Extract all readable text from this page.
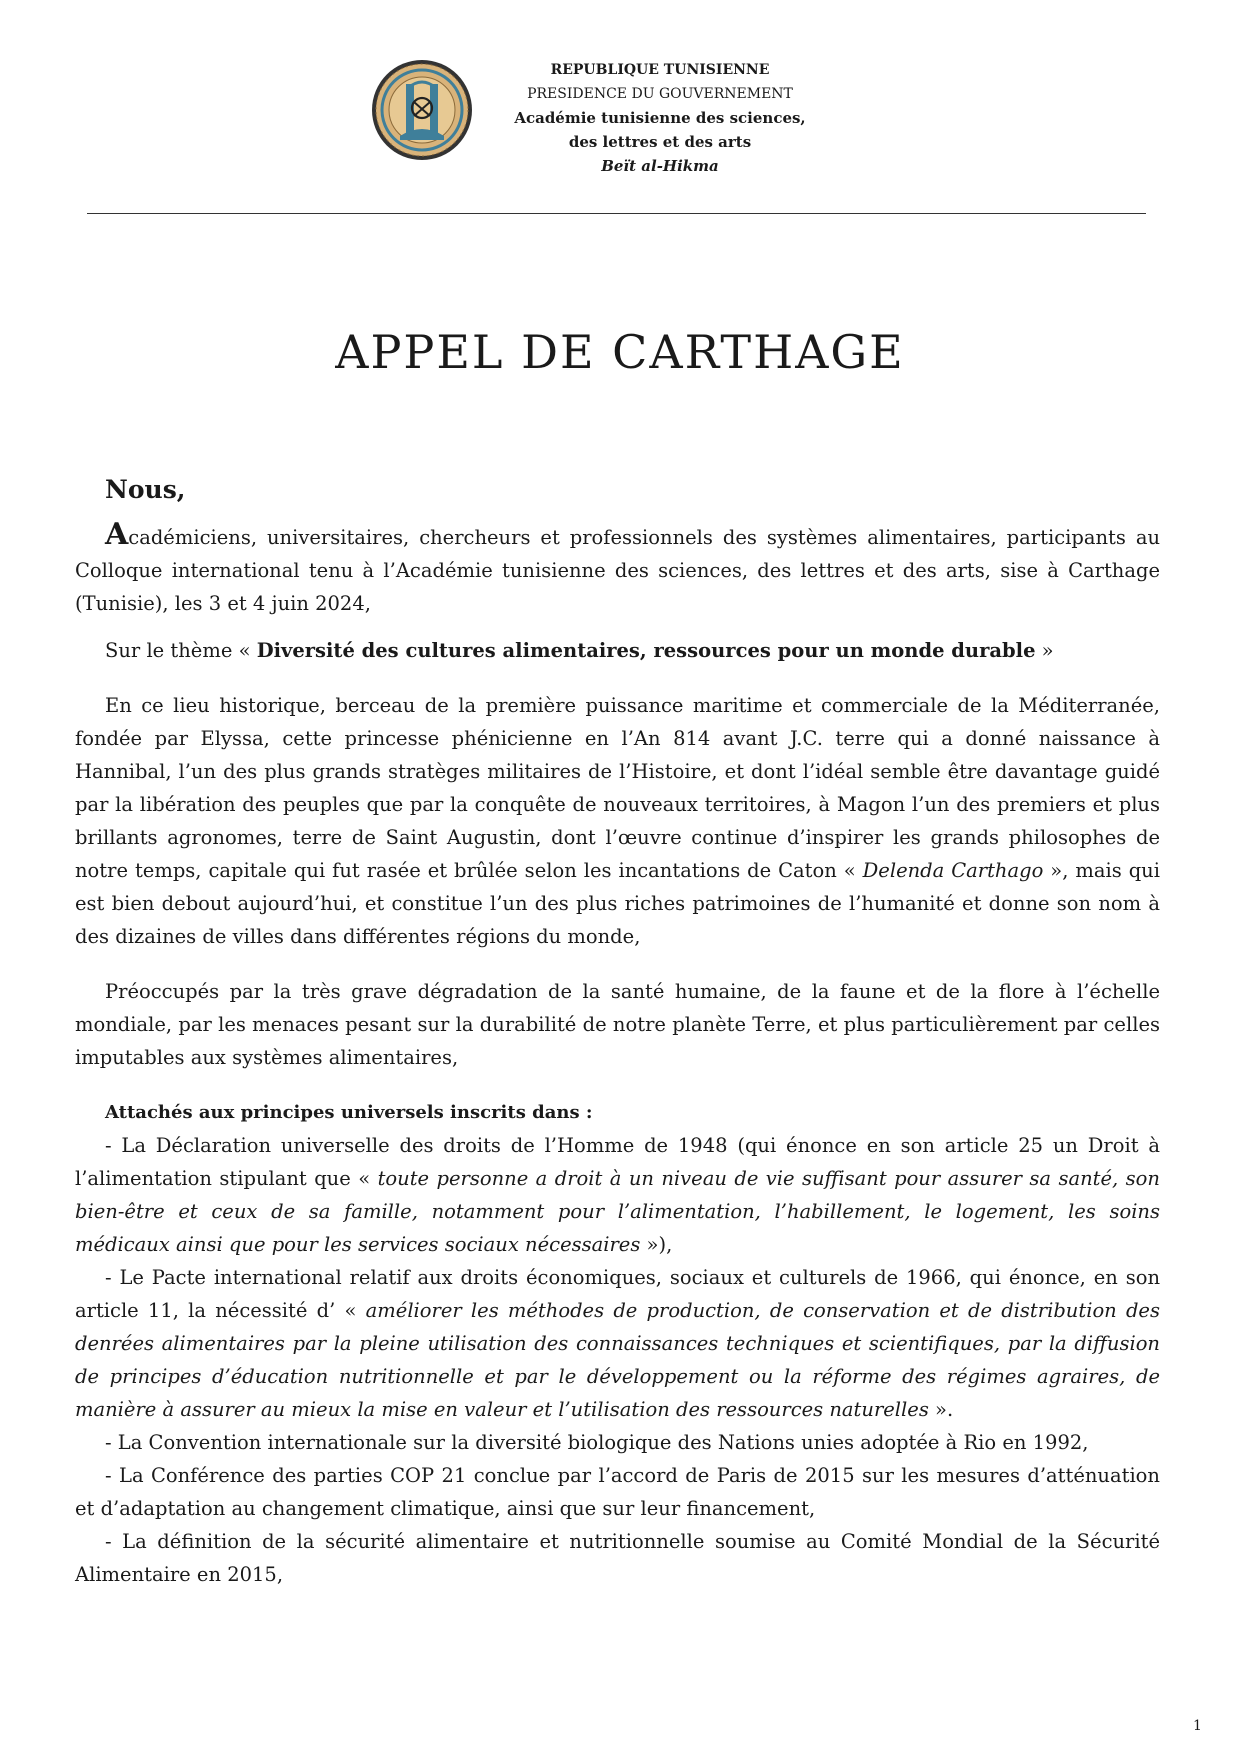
REPUBLIQUE TUNISIENNE
PRESIDENCE DU GOUVERNEMENT
Académie tunisienne des sciences,
des lettres et des arts
Beït al-Hikma
APPEL DE CARTHAGE

Nous,

Académiciens, universitaires, chercheurs et professionnels des systèmes alimentaires, participants au Colloque international tenu à l’Académie tunisienne des sciences, des lettres et des arts, sise à Carthage (Tunisie), les 3 et 4 juin 2024,

Sur le thème « Diversité des cultures alimentaires, ressources pour un monde durable »

En ce lieu historique, berceau de la première puissance maritime et commerciale de la Méditerranée, fondée par Elyssa, cette princesse phénicienne en l’An 814 avant J.C. terre qui a donné naissance à Hannibal, l’un des plus grands stratèges militaires de l’Histoire, et dont l’idéal semble être davantage guidé par la libération des peuples que par la conquête de nouveaux territoires, à Magon l’un des premiers et plus brillants agronomes, terre de Saint Augustin, dont l’œuvre continue d’inspirer les grands philosophes de notre temps, capitale qui fut rasée et brûlée selon les incantations de Caton « Delenda Carthago », mais qui est bien debout aujourd’hui, et constitue l’un des plus riches patrimoines de l’humanité et donne son nom à des dizaines de villes dans différentes régions du monde,

Préoccupés par la très grave dégradation de la santé humaine, de la faune et de la flore à l’échelle mondiale, par les menaces pesant sur la durabilité de notre planète Terre, et plus particulièrement par celles imputables aux systèmes alimentaires,

Attachés aux principes universels inscrits dans :

- La Déclaration universelle des droits de l’Homme de 1948 (qui énonce en son article 25 un Droit à l’alimentation stipulant que « toute personne a droit à un niveau de vie suffisant pour assurer sa santé, son bien-être et ceux de sa famille, notamment pour l’alimentation, l’habillement, le logement, les soins médicaux ainsi que pour les services sociaux nécessaires »),

- Le Pacte international relatif aux droits économiques, sociaux et culturels de 1966, qui énonce, en son article 11, la nécessité d’ « améliorer les méthodes de production, de conservation et de distribution des denrées alimentaires par la pleine utilisation des connaissances techniques et scientifiques, par la diffusion de principes d’éducation nutritionnelle et par le développement ou la réforme des régimes agraires, de manière à assurer au mieux la mise en valeur et l’utilisation des ressources naturelles ».

- La Convention internationale sur la diversité biologique des Nations unies adoptée à Rio en 1992,

- La Conférence des parties COP 21 conclue par l’accord de Paris de 2015 sur les mesures d’atténuation et d’adaptation au changement climatique, ainsi que sur leur financement,

- La définition de la sécurité alimentaire et nutritionnelle soumise au Comité Mondial de la Sécurité Alimentaire en 2015,

1
